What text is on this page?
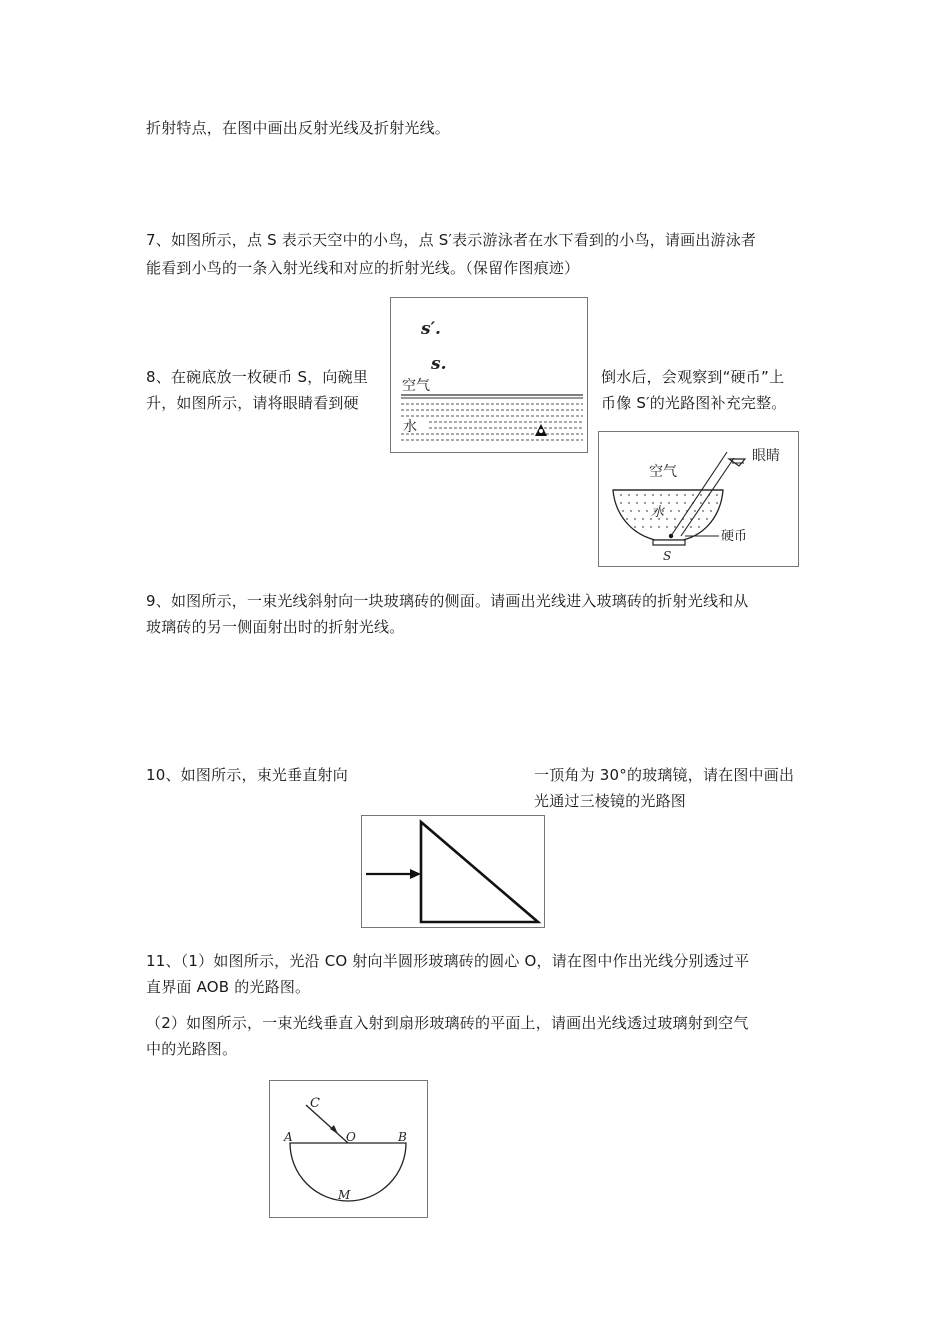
折射特点，在图中画出反射光线及折射光线。
7、如图所示，点 S 表示天空中的小鸟，点 S′表示游泳者在水下看到的小鸟，请画出游泳者
能看到小鸟的一条入射光线和对应的折射光线。（保留作图痕迹）
8、在碗底放一枚硬币 S，向碗里	倒水后，会观察到“硬币”上
升，如图所示，请将眼睛看到硬	币像 S′的光路图补充完整。
9、如图所示，一束光线斜射向一块玻璃砖的侧面。请画出光线进入玻璃砖的折射光线和从
玻璃砖的另一侧面射出时的折射光线。
10、如图所示，束光垂直射向	一顶角为 30°的玻璃镜，请在图中画出
光通过三棱镜的光路图
11、（1）如图所示，光沿 CO 射向半圆形玻璃砖的圆心 O，请在图中作出光线分别透过平
直界面 AOB 的光路图。
（2）如图所示，一束光线垂直入射到扇形玻璃砖的平面上，请画出光线透过玻璃射到空气
中的光路图。
s′.
s.
空气
水
空气
眼睛
水
硬币
S
C
A	O	B
M
